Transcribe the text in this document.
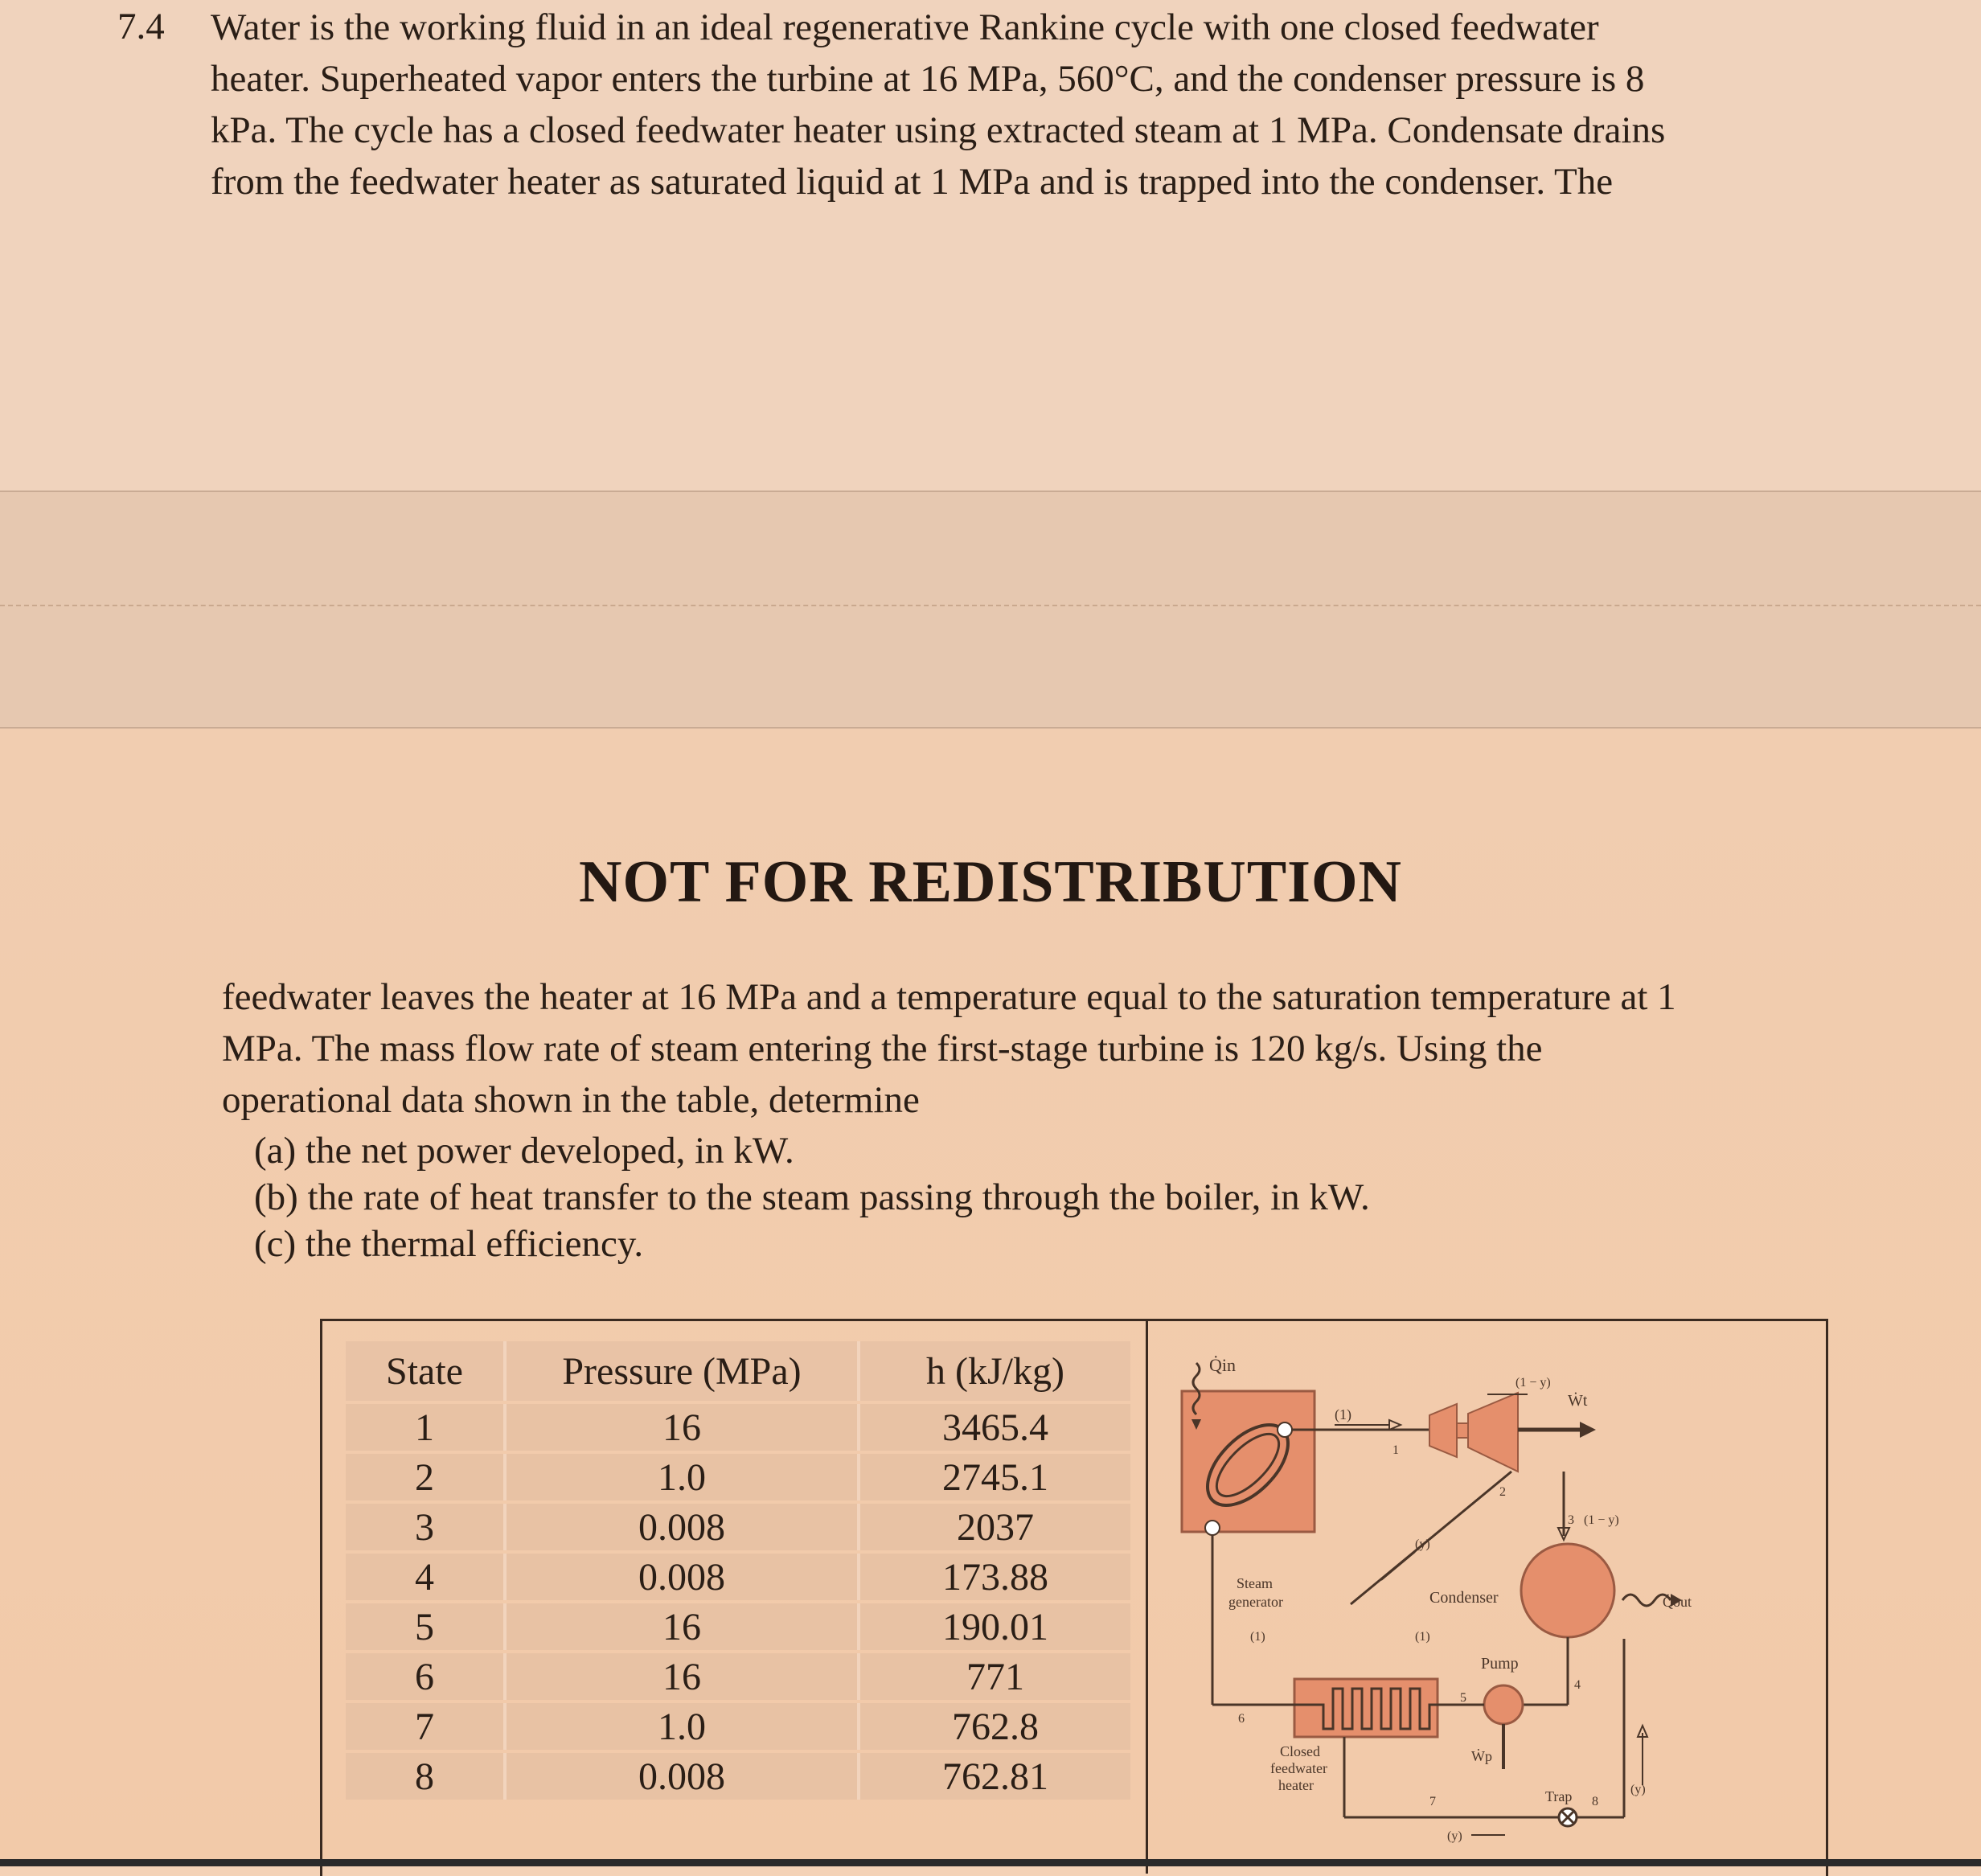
7.4 Water is the working fluid in an ideal regenerative Rankine cycle with one closed feedwater
heater. Superheated vapor enters the turbine at 16 MPa, 560°C, and the condenser pressure is 8
kPa. The cycle has a closed feedwater heater using extracted steam at 1 MPa. Condensate drains
from the feedwater heater as saturated liquid at 1 MPa and is trapped into the condenser. The
NOT FOR REDISTRIBUTION
feedwater leaves the heater at 16 MPa and a temperature equal to the saturation temperature at 1
MPa. The mass flow rate of steam entering the first-stage turbine is 120 kg/s. Using the
operational data shown in the table, determine
(a) the net power developed, in kW.
(b) the rate of heat transfer to the steam passing through the boiler, in kW.
(c) the thermal efficiency.
State	Pressure (MPa)	h (kJ/kg)
1	16	3465.4
2	1.0	2745.1
3	0.008	2037
4	0.008	173.88
5	16	190.01
6	16	771
7	1.0	762.8
8	0.008	762.81
Q̇in
(1)
1
Ẇt
(1 − y)
2
(y)
3 (1 − y)
Condenser	Q̇out
4
(1)
Pump
Ẇp
5
6
(1)
Steam
generator
Closed
feedwater
heater
7	Trap 8
(y)
(y)
